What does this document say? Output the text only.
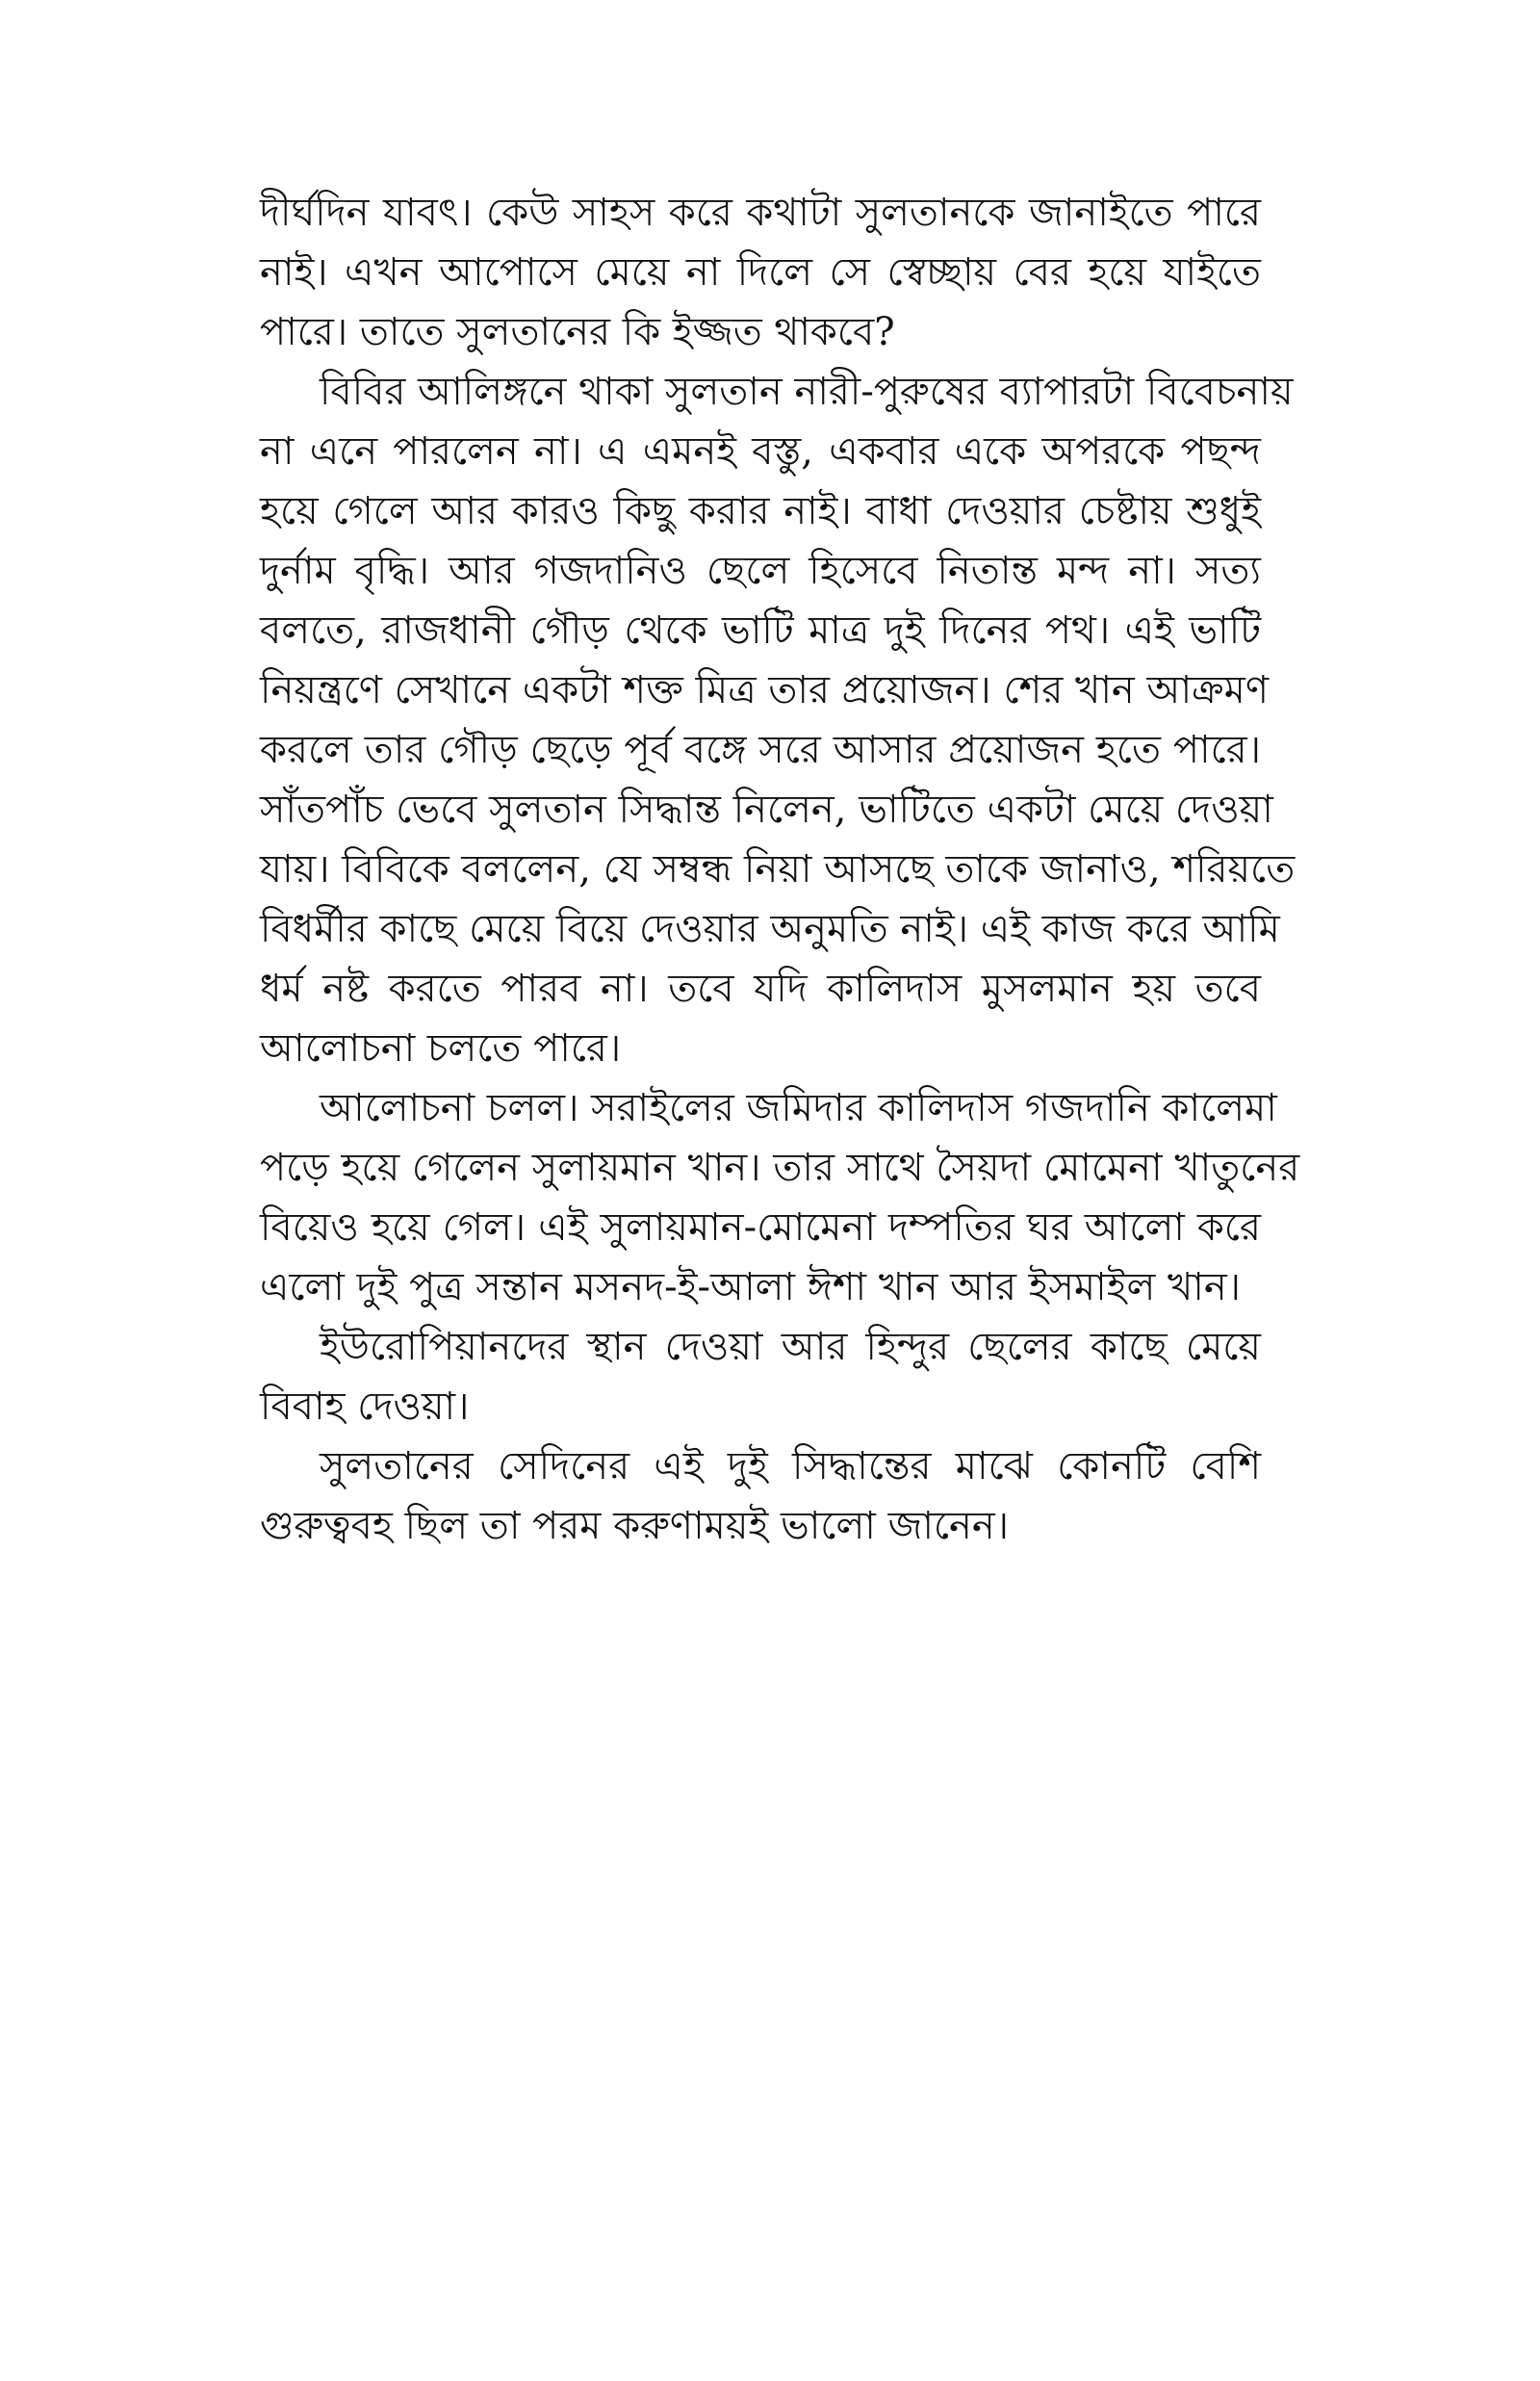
দীর্ঘদিন যাবৎ। কেউ সাহস করে কথাটা সুলতানকে জানাইতে পারে
নাই। এখন আপোসে মেয়ে না দিলে সে স্বেচ্ছায় বের হয়ে যাইতে
পারে। তাতে সুলতানের কি ইজ্জত থাকবে?
বিবির আলিঙ্গনে থাকা সুলতান নারী-পুরুষের ব্যাপারটা বিবেচনায়
না এনে পারলেন না। এ এমনই বস্তু, একবার একে অপরকে পছন্দ
হয়ে গেলে আর কারও কিছু করার নাই। বাধা দেওয়ার চেষ্টায় শুধুই
দুর্নাম বৃদ্ধি। আর গজদানিও ছেলে হিসেবে নিতান্ত মন্দ না। সত্য
বলতে, রাজধানী গৌড় থেকে ভাটি মাত্র দুই দিনের পথ। এই ভাটি
নিয়ন্ত্রণে সেখানে একটা শক্ত মিত্র তার প্রয়োজন। শের খান আক্রমণ
করলে তার গৌড় ছেড়ে পূর্ব বঙ্গে সরে আসার প্রয়োজন হতে পারে।
সাঁতপাঁচ ভেবে সুলতান সিদ্ধান্ত নিলেন, ভাটিতে একটা মেয়ে দেওয়া
যায়। বিবিকে বললেন, যে সম্বন্ধ নিয়া আসছে তাকে জানাও, শরিয়তে
বিধর্মীর কাছে মেয়ে বিয়ে দেওয়ার অনুমতি নাই। এই কাজ করে আমি
ধর্ম নষ্ট করতে পারব না। তবে যদি কালিদাস মুসলমান হয় তবে
আলোচনা চলতে পারে।
আলোচনা চলল। সরাইলের জমিদার কালিদাস গজদানি কালেমা
পড়ে হয়ে গেলেন সুলায়মান খান। তার সাথে সৈয়দা মোমেনা খাতুনের
বিয়েও হয়ে গেল। এই সুলায়মান-মোমেনা দম্পতির ঘর আলো করে
এলো দুই পুত্র সন্তান মসনদ-ই-আলা ঈশা খান আর ইসমাইল খান।
ইউরোপিয়ানদের স্থান দেওয়া আর হিন্দুর ছেলের কাছে মেয়ে
বিবাহ দেওয়া।
সুলতানের সেদিনের এই দুই সিদ্ধান্তের মাঝে কোনটি বেশি
গুরুত্ববহ ছিল তা পরম করুণাময়ই ভালো জানেন।
